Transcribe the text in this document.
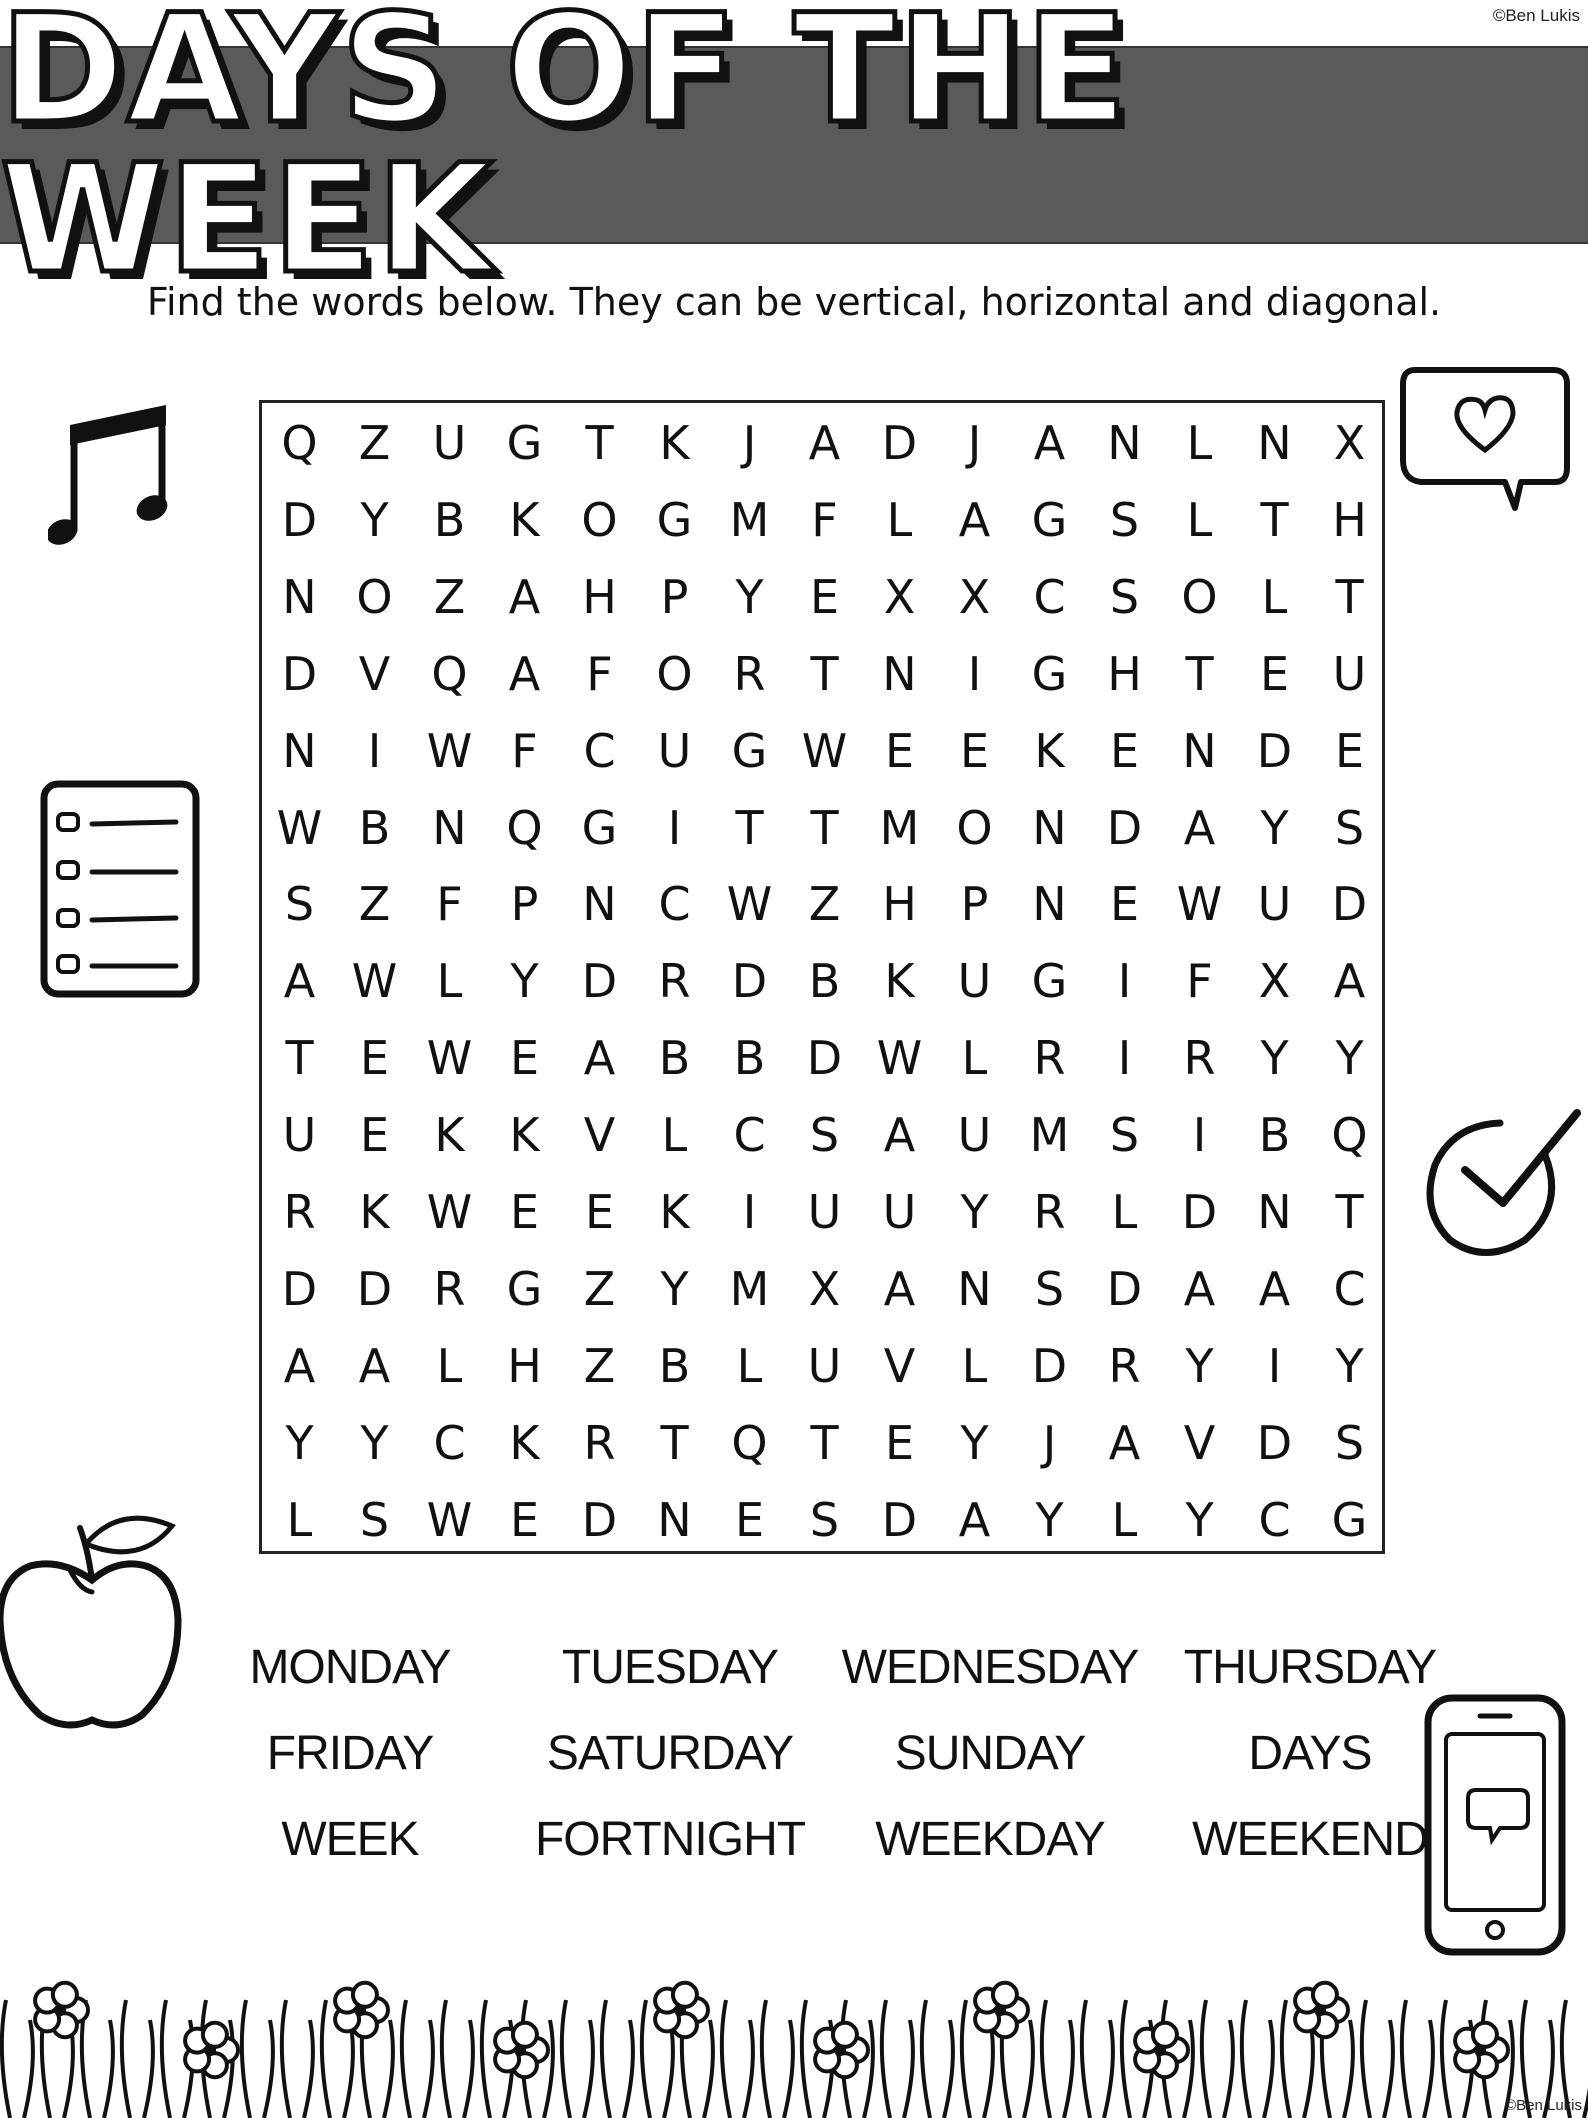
©Ben Lukis
DAYS OF THE WEEK
Find the words below. They can be vertical, horizontal and diagonal.
Q Z U G T K	J	A D	J	A N L N X
D Y B K O G M F	L	A G S	L	T H
N O Z A H P	Y	E X X C S O L	T
D V Q A	F O R T N	I	G H T	E U
N	I W F C U G W E E K E N D E
W B N Q G	I	T	T M O N D A Y	S
S Z	F	P N C W Z H P N E W U D
A W L	Y D R D B K U G	I	F	X A
T	E W E A B B D W L	R	I	R Y	Y
U E K K V	L	C S A U M S	I	B Q
R K W E E K	I	U U Y R	L D N T
D D R G Z Y M X A N S D A A C
A A	L H Z B	L U V	L D R Y	I	Y
Y	Y C K R T Q T	E	Y	J	A V D S
L	S W E D N E S D A Y	L	Y C G
MONDAY	TUESDAY	WEDNESDAY THURSDAY
FRIDAY	SATURDAY	SUNDAY	DAYS
WEEK	FORTNIGHT	WEEKDAY	WEEKEND
©Ben Lukis
